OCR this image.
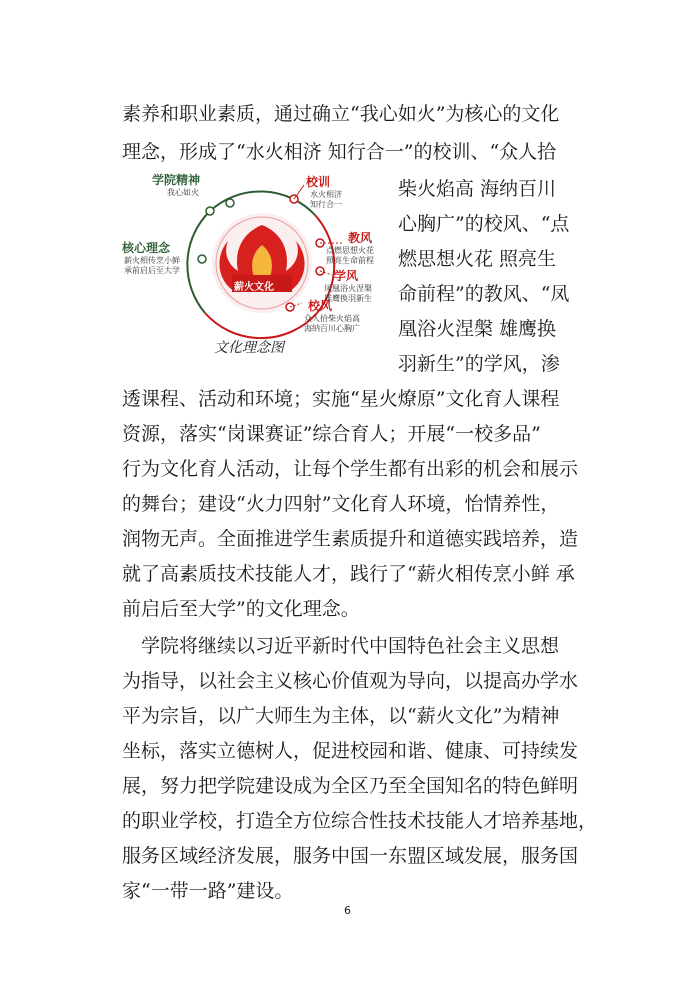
素养和职业素质，通过确立“我心如火”为核心的文化
理念，形成了“水火相济 知行合一”的校训、“众人拾
柴火焰高 海纳百川
心胸广”的校风、“点
燃思想火花 照亮生
命前程”的教风、“凤
凰浴火涅槃 雄鹰换
羽新生”的学风，渗
薪火文化
学院精神
我心如火
核心理念
薪火相传烹小鲜
承前启后至大学
校训
水火相济
知行合一
教风
点燃思想火花
照亮生命前程
学风
凤凰浴火涅槃
雄鹰换羽新生
校风
众人拾柴火焰高
海纳百川心胸广
文化理念图
透课程、活动和环境；实施“星火燎原”文化育人课程
资源，落实“岗课赛证”综合育人；开展“一校多品”
行为文化育人活动，让每个学生都有出彩的机会和展示
的舞台；建设“火力四射”文化育人环境，怡情养性，
润物无声。全面推进学生素质提升和道德实践培养，造
就了高素质技术技能人才，践行了“薪火相传烹小鲜 承
前启后至大学”的文化理念。
　学院将继续以习近平新时代中国特色社会主义思想
为指导，以社会主义核心价值观为导向，以提高办学水
平为宗旨，以广大师生为主体，以“薪火文化”为精神
坐标，落实立德树人，促进校园和谐、健康、可持续发
展，努力把学院建设成为全区乃至全国知名的特色鲜明
的职业学校，打造全方位综合性技术技能人才培养基地，
服务区域经济发展，服务中国一东盟区域发展，服务国
家“一带一路”建设。
6
